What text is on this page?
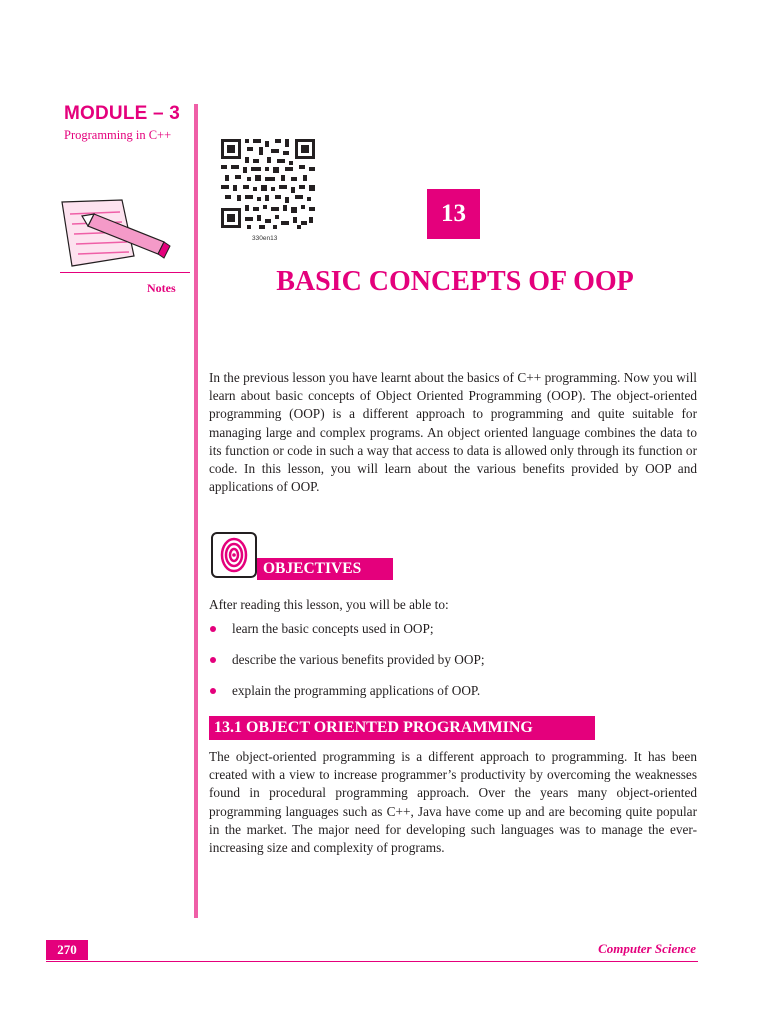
MODULE – 3
Programming in C++
Notes
330en13
13
BASIC CONCEPTS OF OOP

In the previous lesson you have learnt about the basics of C++ programming. Now you will learn about basic concepts of Object Oriented Programming (OOP). The object-oriented programming (OOP) is a different approach to programming and quite suitable for managing large and complex programs. An object oriented language combines the data to its function or code in such a way that access to data is allowed only through its function or code. In this lesson, you will learn about the various benefits provided by OOP and applications of OOP.

OBJECTIVES

After reading this lesson, you will be able to:

learn the basic concepts used in OOP;
describe the various benefits provided by OOP;
explain the programming applications of OOP.
13.1 OBJECT ORIENTED PROGRAMMING

The object-oriented programming is a different approach to programming. It has been created with a view to increase programmer’s productivity by overcoming the weaknesses found in procedural programming approach. Over the years many object-oriented programming languages such as C++, Java have come up and are becoming quite popular in the market. The major need for developing such languages was to manage the ever-increasing size and complexity of programs.

270	Computer Science
